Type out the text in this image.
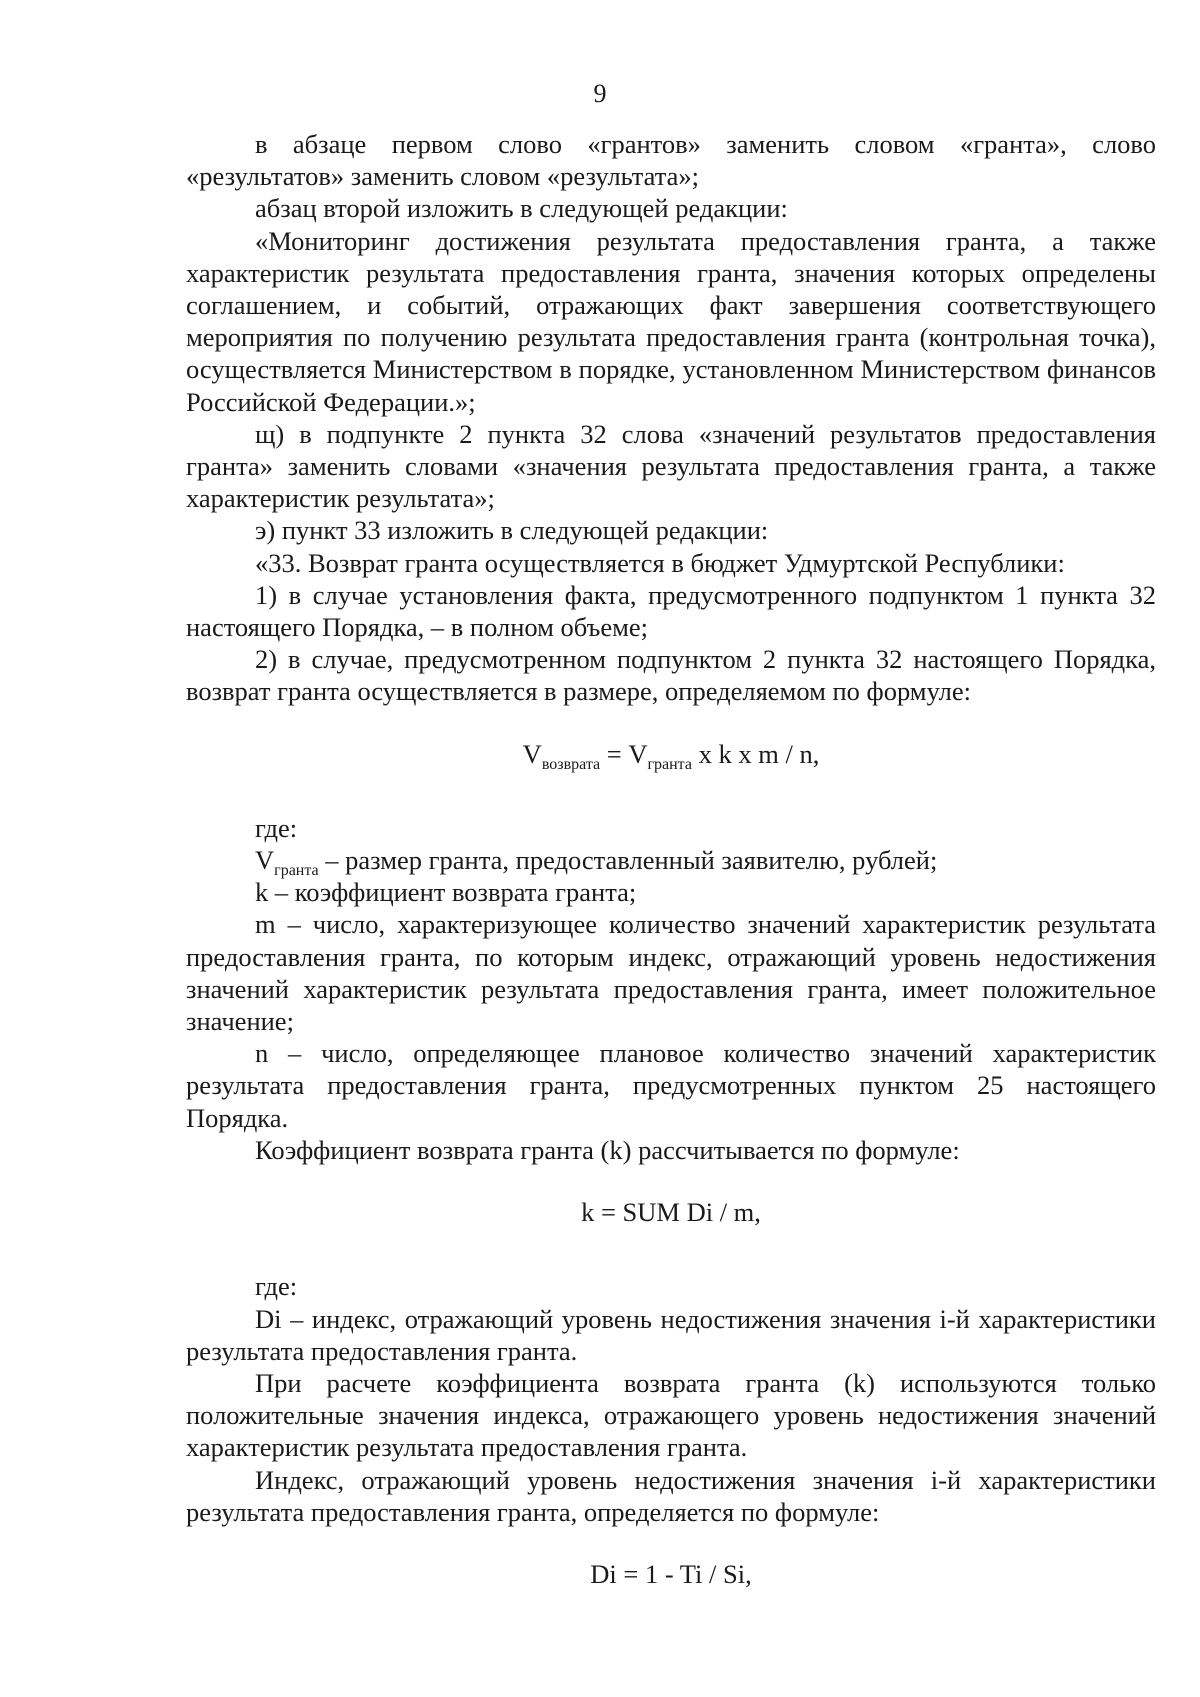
9

в абзаце первом слово «грантов» заменить словом «гранта», слово «результатов» заменить словом «результата»;

абзац второй изложить в следующей редакции:

«Мониторинг достижения результата предоставления гранта, а также характеристик результата предоставления гранта, значения которых определены соглашением, и событий, отражающих факт завершения соответствующего мероприятия по получению результата предоставления гранта (контрольная точка), осуществляется Министерством в порядке, установленном Министерством финансов Российской Федерации.»;

щ) в подпункте 2 пункта 32 слова «значений результатов предоставления гранта» заменить словами «значения результата предоставления гранта, а также характеристик результата»;

э) пункт 33 изложить в следующей редакции:

«33. Возврат гранта осуществляется в бюджет Удмуртской Республики:

1) в случае установления факта, предусмотренного подпунктом 1 пункта 32 настоящего Порядка, – в полном объеме;

2) в случае, предусмотренном подпунктом 2 пункта 32 настоящего Порядка, возврат гранта осуществляется в размере, определяемом по формуле:

$V_{возврата} = V_{гранта}$ x k x m / n,

где:

$V_{гранта}$ – размер гранта, предоставленный заявителю, рублей;

k – коэффициент возврата гранта;

m – число, характеризующее количество значений характеристик результата предоставления гранта, по которым индекс, отражающий уровень недостижения значений характеристик результата предоставления гранта, имеет положительное значение;

n – число, определяющее плановое количество значений характеристик результата предоставления гранта, предусмотренных пунктом 25 настоящего Порядка.

Коэффициент возврата гранта (k) рассчитывается по формуле:

k = SUM Di / m,

где:

Di – индекс, отражающий уровень недостижения значения i-й характеристики результата предоставления гранта.

При расчете коэффициента возврата гранта (k) используются только положительные значения индекса, отражающего уровень недостижения значений характеристик результата предоставления гранта.

Индекс, отражающий уровень недостижения значения i-й характеристики результата предоставления гранта, определяется по формуле:

Di = 1 - Ti / Si,
